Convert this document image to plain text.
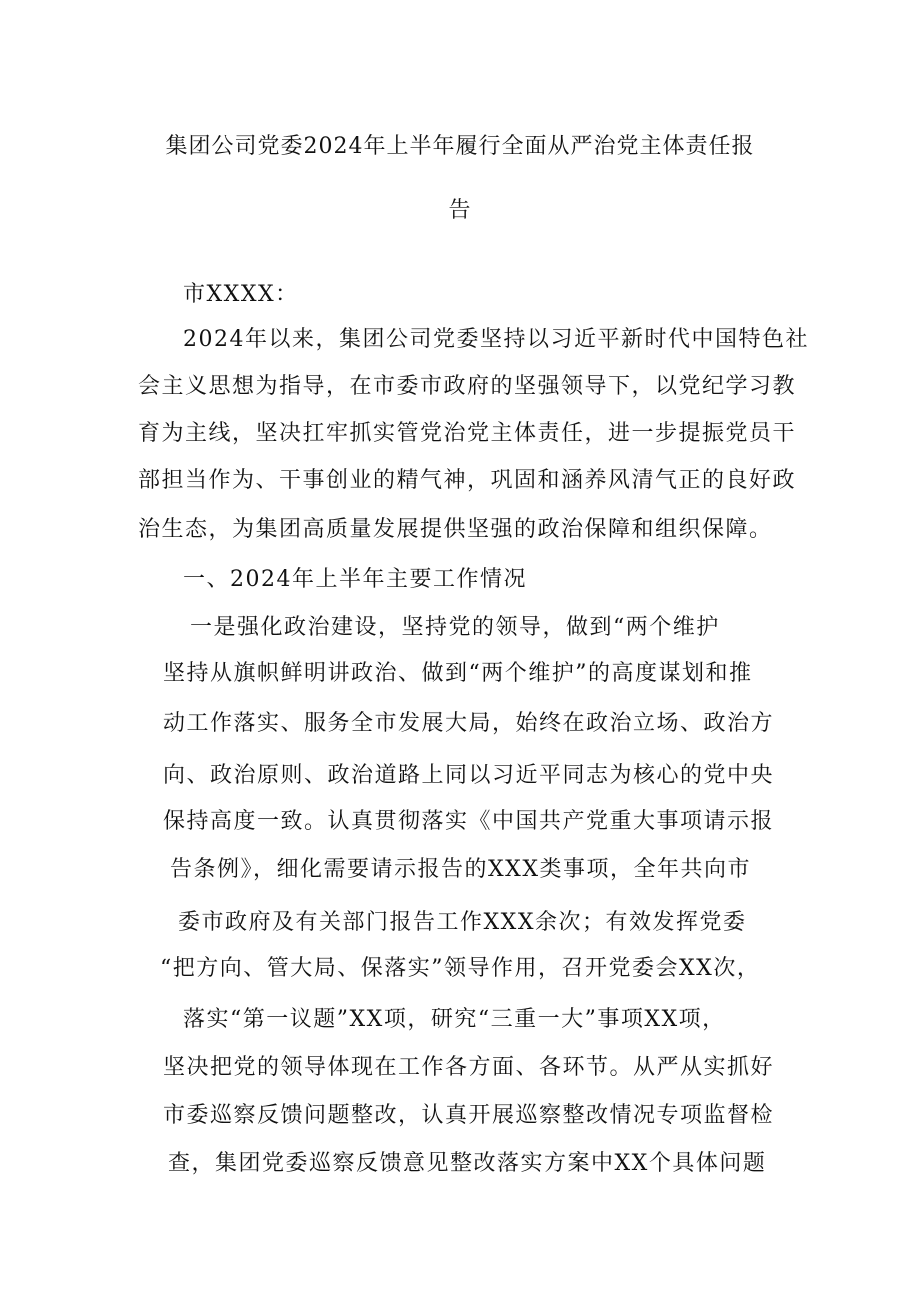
集团公司党委2024年上半年履行全面从严治党主体责任报
告
市XXXX：
2024年以来，集团公司党委坚持以习近平新时代中国特色社
会主义思想为指导，在市委市政府的坚强领导下，以党纪学习教
育为主线，坚决扛牢抓实管党治党主体责任，进一步提振党员干
部担当作为、干事创业的精气神，巩固和涵养风清气正的良好政
治生态，为集团高质量发展提供坚强的政治保障和组织保障。
一、2024年上半年主要工作情况
一是强化政治建设，坚持党的领导，做到“两个维护
坚持从旗帜鲜明讲政治、做到“两个维护”的高度谋划和推
动工作落实、服务全市发展大局，始终在政治立场、政治方
向、政治原则、政治道路上同以习近平同志为核心的党中央
保持高度一致。认真贯彻落实《中国共产党重大事项请示报
告条例》，细化需要请示报告的XXX类事项，全年共向市
委市政府及有关部门报告工作XXX余次；有效发挥党委
“把方向、管大局、保落实”领导作用，召开党委会XX次，
落实“第一议题”XX项，研究“三重一大”事项XX项，
坚决把党的领导体现在工作各方面、各环节。从严从实抓好
市委巡察反馈问题整改，认真开展巡察整改情况专项监督检
查，集团党委巡察反馈意见整改落实方案中XX个具体问题
